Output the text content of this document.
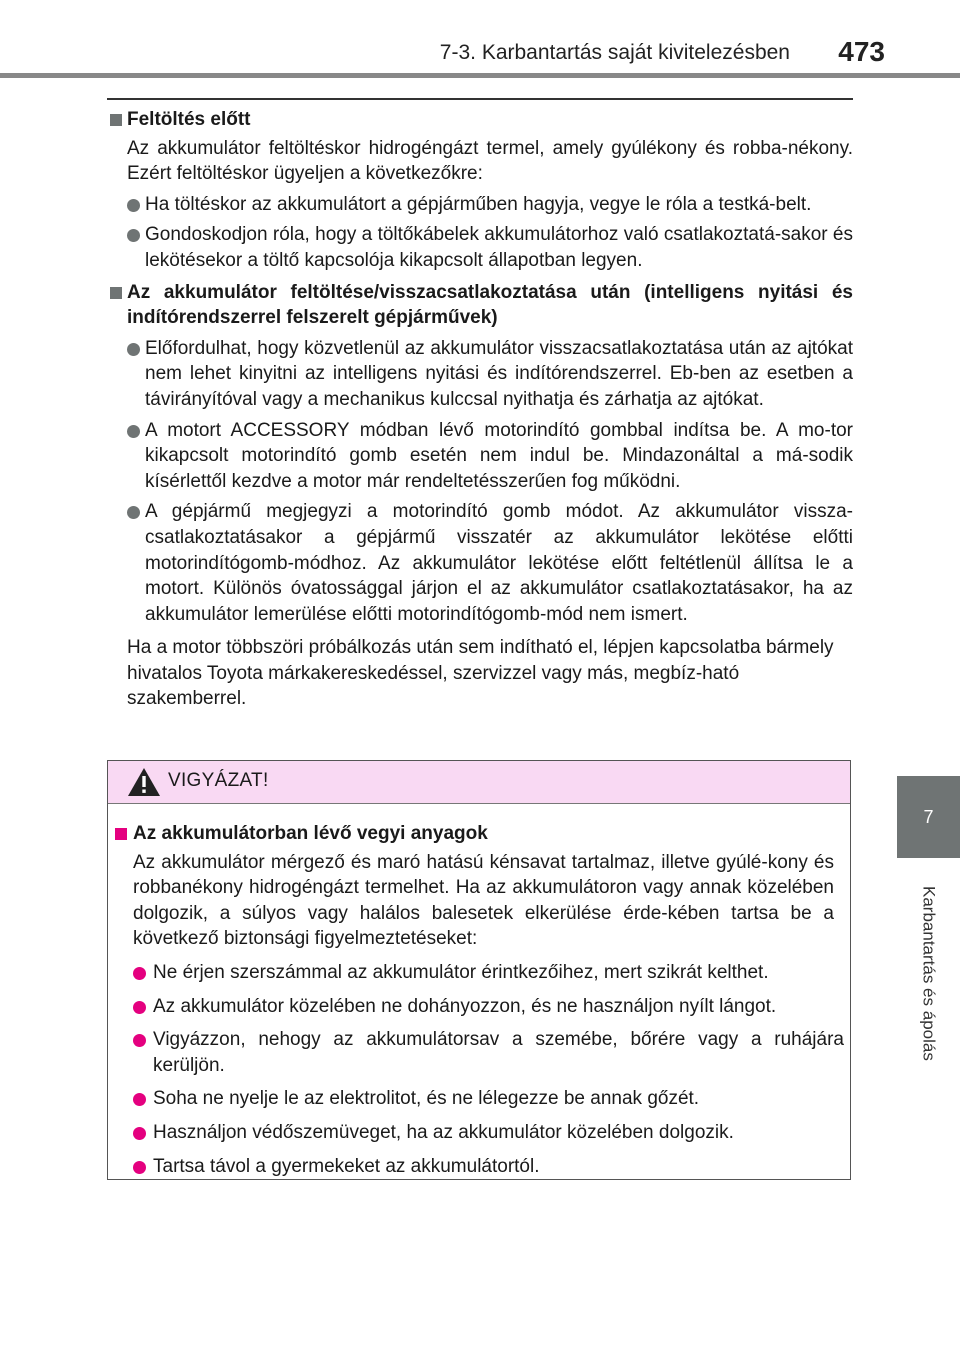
7-3. Karbantartás saját kivitelezésben	473
7
Karbantartás és ápolás
Feltöltés előtt
Az akkumulátor feltöltéskor hidrogéngázt termel, amely gyúlékony és robba-nékony. Ezért feltöltéskor ügyeljen a következőkre:
Ha töltéskor az akkumulátort a gépjárműben hagyja, vegye le róla a testká-belt.
Gondoskodjon róla, hogy a töltőkábelek akkumulátorhoz való csatlakoztatá-sakor és lekötésekor a töltő kapcsolója kikapcsolt állapotban legyen.
Az akkumulátor feltöltése/visszacsatlakoztatása után (intelligens nyitási és indítórendszerrel felszerelt gépjárművek)
Előfordulhat, hogy közvetlenül az akkumulátor visszacsatlakoztatása után az ajtókat nem lehet kinyitni az intelligens nyitási és indítórendszerrel. Eb-ben az esetben a távirányítóval vagy a mechanikus kulccsal nyithatja és zárhatja az ajtókat.
A motort ACCESSORY módban lévő motorindító gombbal indítsa be. A mo-tor kikapcsolt motorindító gomb esetén nem indul be. Mindazonáltal a má-sodik kísérlettől kezdve a motor már rendeltetésszerűen fog működni.
A gépjármű megjegyzi a motorindító gomb módot. Az akkumulátor vissza-csatlakoztatásakor a gépjármű visszatér az akkumulátor lekötése előtti motorindítógomb-módhoz. Az akkumulátor lekötése előtt feltétlenül állítsa le a motort. Különös óvatossággal járjon el az akkumulátor csatlakoztatásakor, ha az akkumulátor lemerülése előtti motorindítógomb-mód nem ismert.
Ha a motor többszöri próbálkozás után sem indítható el, lépjen kapcsolatba bármely hivatalos Toyota márkakereskedéssel, szervizzel vagy más, megbíz-ható szakemberrel.
VIGYÁZAT!
Az akkumulátorban lévő vegyi anyagok
Az akkumulátor mérgező és maró hatású kénsavat tartalmaz, illetve gyúlé-kony és robbanékony hidrogéngázt termelhet. Ha az akkumulátoron vagy annak közelében dolgozik, a súlyos vagy halálos balesetek elkerülése érde-kében tartsa be a következő biztonsági figyelmeztetéseket:
Ne érjen szerszámmal az akkumulátor érintkezőihez, mert szikrát kelthet.
Az akkumulátor közelében ne dohányozzon, és ne használjon nyílt lángot.
Vigyázzon, nehogy az akkumulátorsav a szemébe, bőrére vagy a ruhájára kerüljön.
Soha ne nyelje le az elektrolitot, és ne lélegezze be annak gőzét.
Használjon védőszemüveget, ha az akkumulátor közelében dolgozik.
Tartsa távol a gyermekeket az akkumulátortól.
